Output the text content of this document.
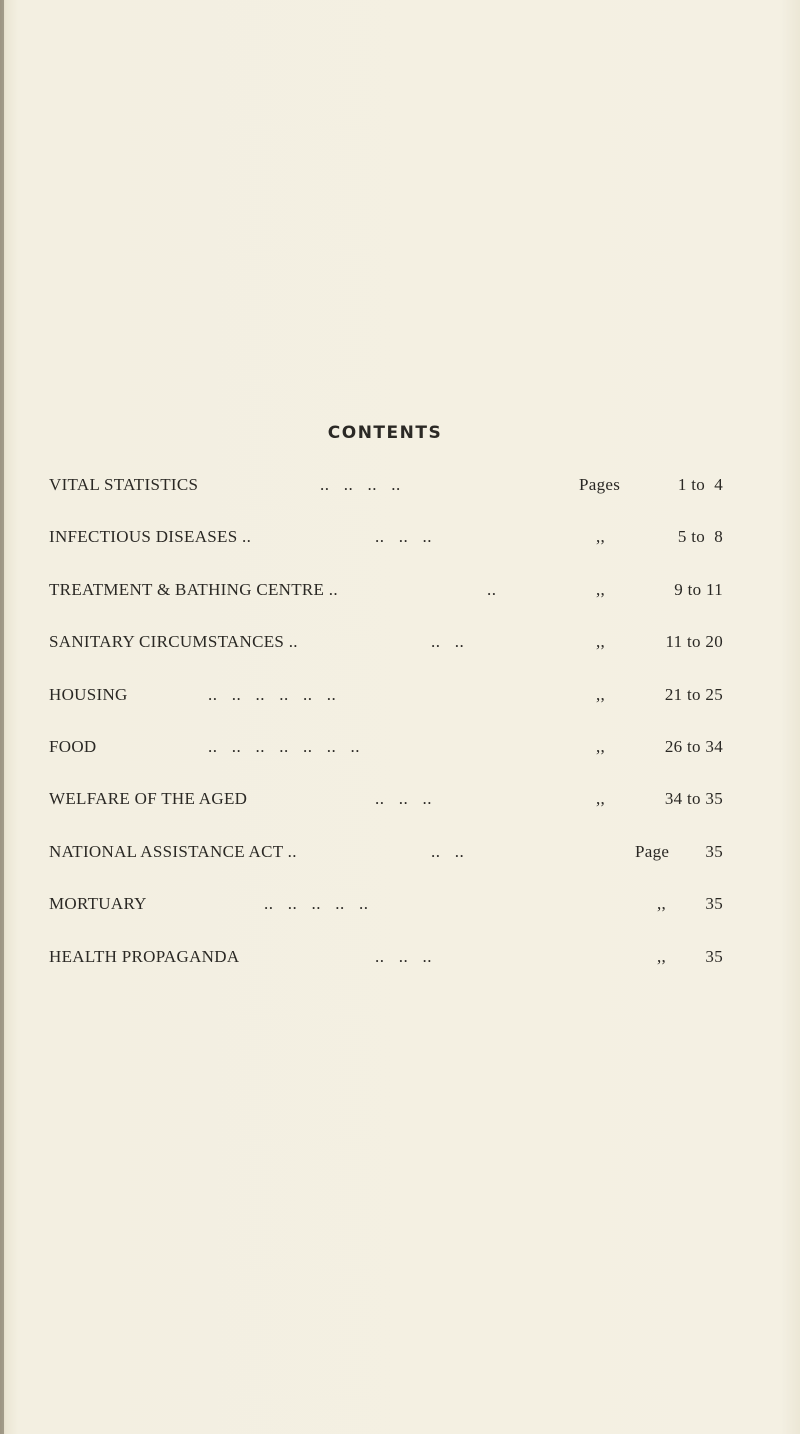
CONTENTS
VITAL STATISTICS	..   ..   ..   ..	Pages	1 to  4
INFECTIOUS DISEASES ..	..   ..   ..	,,	5 to  8
TREATMENT & BATHING CENTRE ..	..	,,	9 to 11
SANITARY CIRCUMSTANCES ..	..   ..	,,	11 to 20
HOUSING	..   ..   ..   ..   ..   ..	,,	21 to 25
FOOD	..   ..   ..   ..   ..   ..   ..	,,	26 to 34
WELFARE OF THE AGED	..   ..   ..	,,	34 to 35
NATIONAL ASSISTANCE ACT ..	..   ..	Page 35
MORTUARY	..   ..   ..   ..   ..	,, 35
HEALTH PROPAGANDA	..   ..   ..	,, 35
